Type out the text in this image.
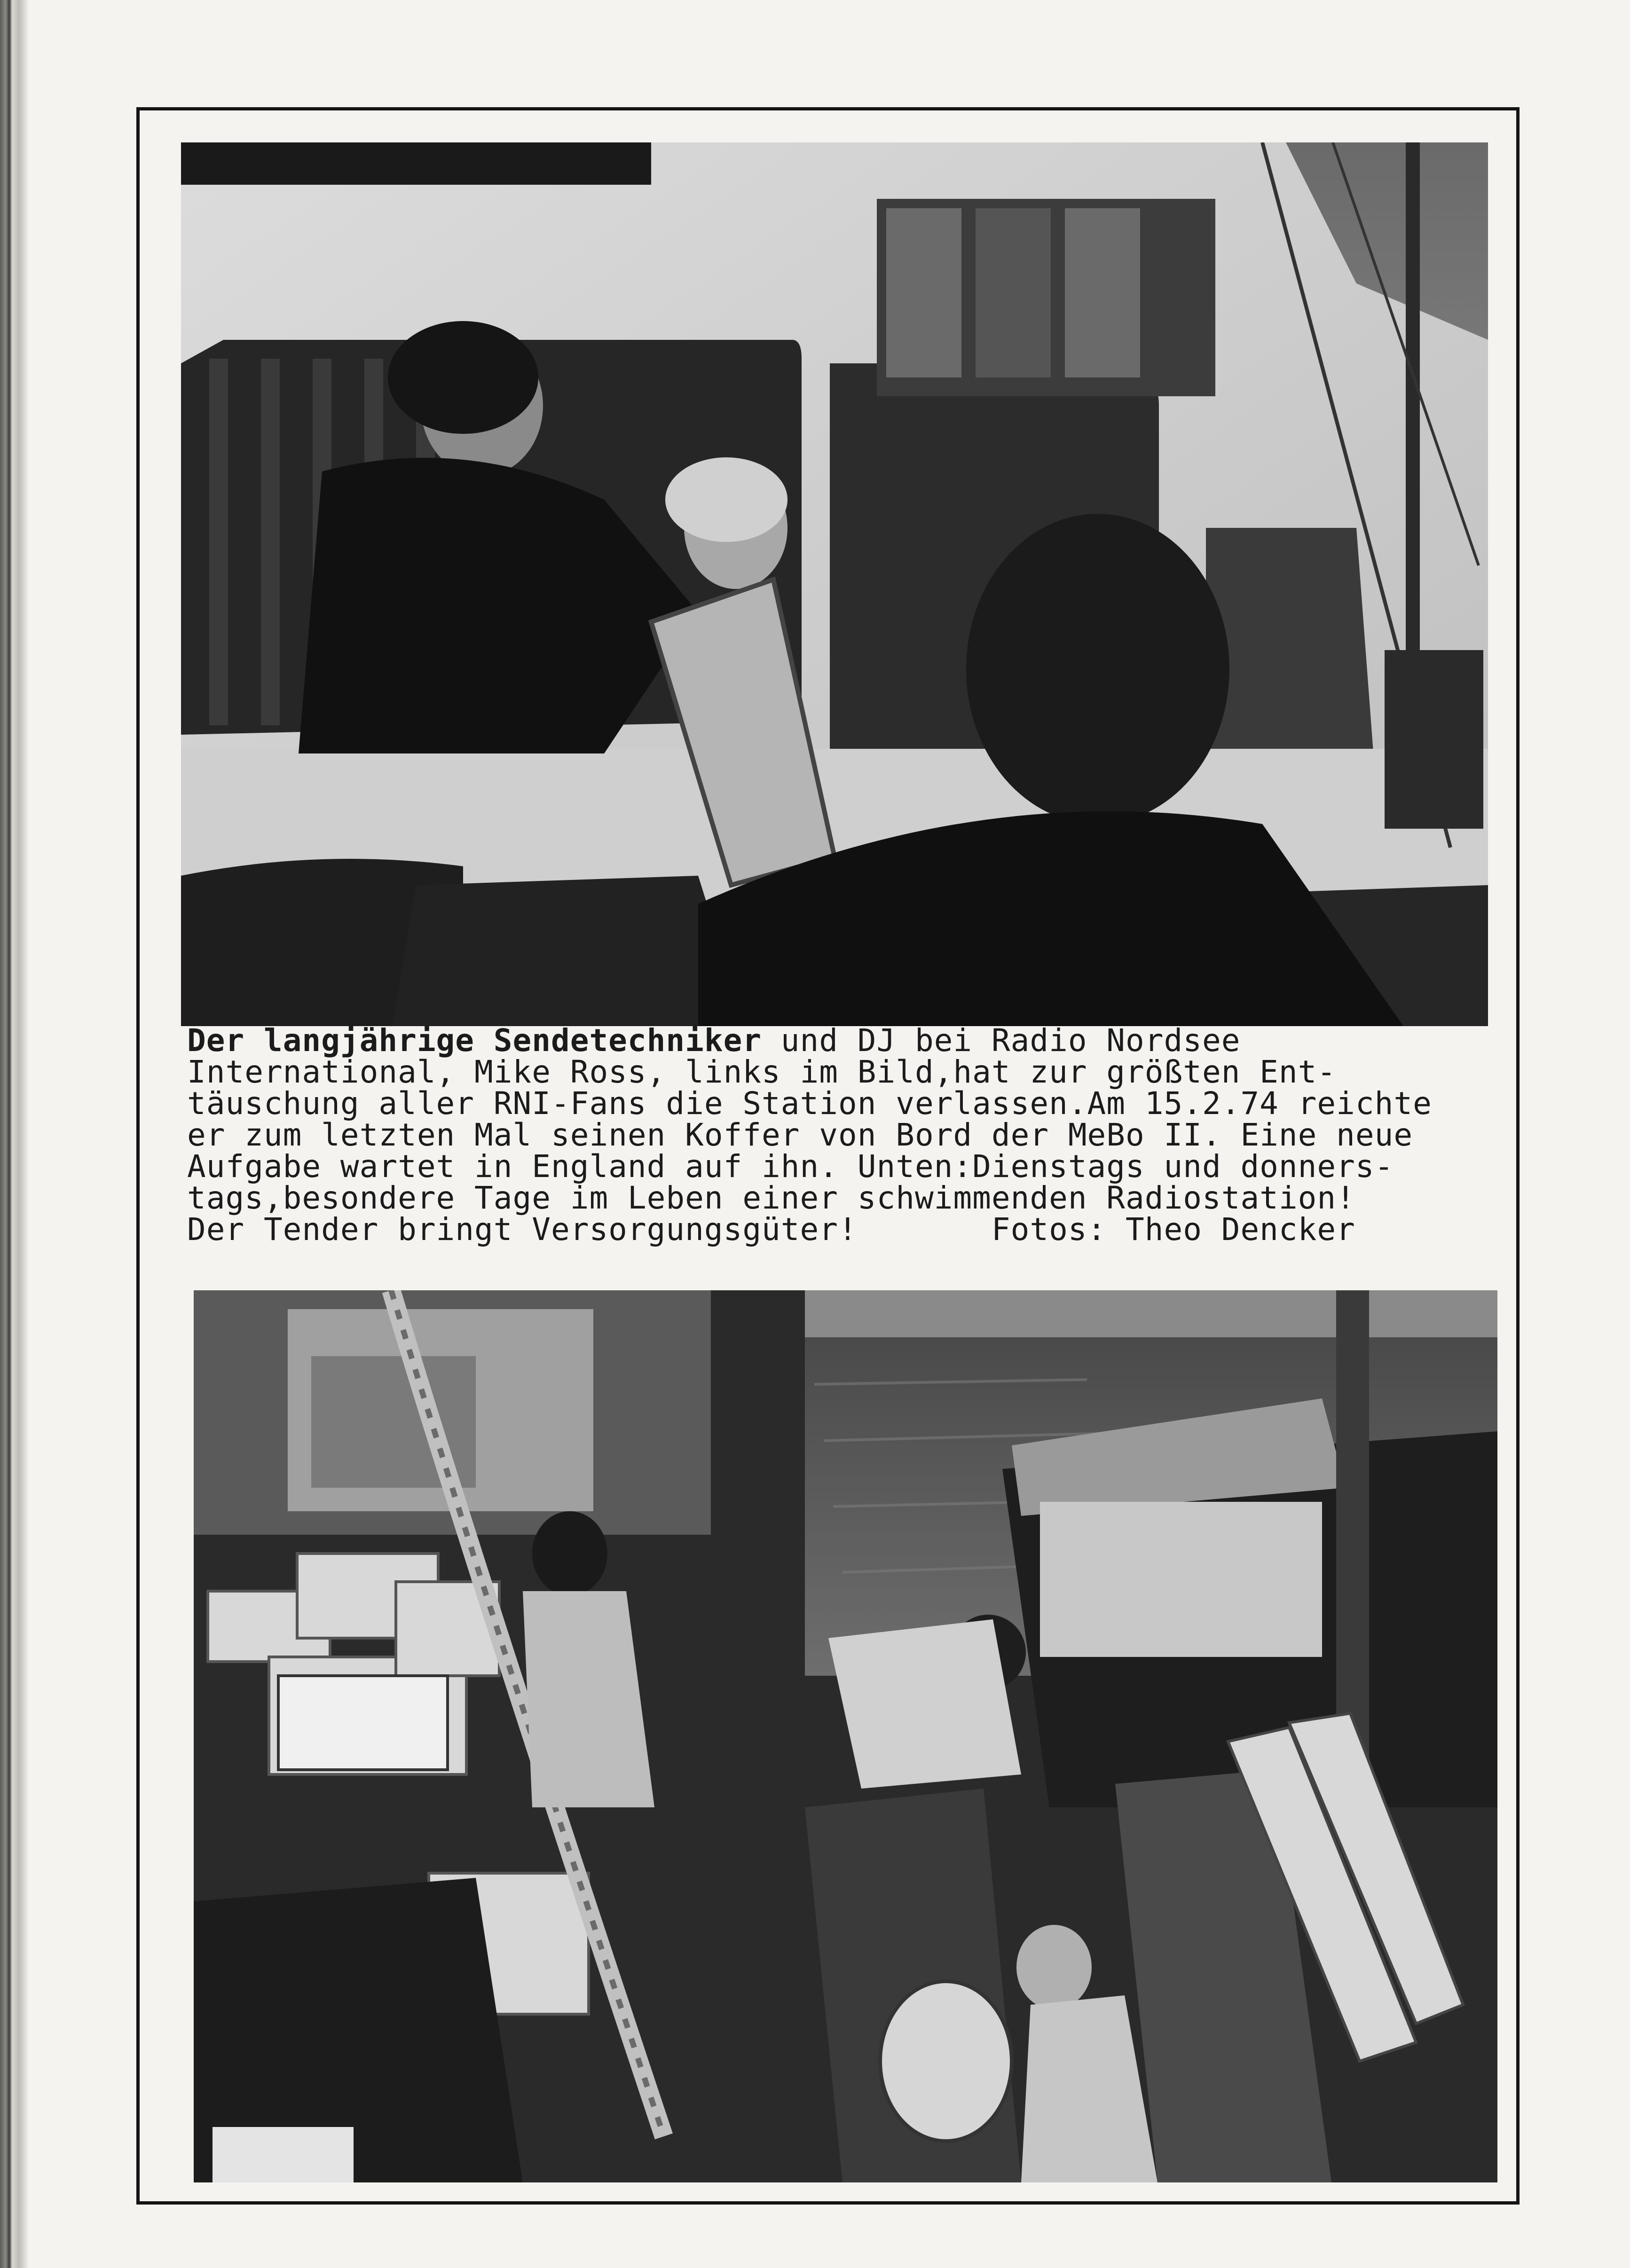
Der langjährige Sendetechniker und DJ bei Radio Nordsee
International, Mike Ross, links im Bild,hat zur größten Ent-
täuschung aller RNI-Fans die Station verlassen.Am 15.2.74 reichte
er zum letzten Mal seinen Koffer von Bord der MeBo II. Eine neue
Aufgabe wartet in England auf ihn. Unten:Dienstags und donners-
tags,besondere Tage im Leben einer schwimmenden Radiostation!
Der Tender bringt Versorgungsgüter!       Fotos: Theo Dencker
